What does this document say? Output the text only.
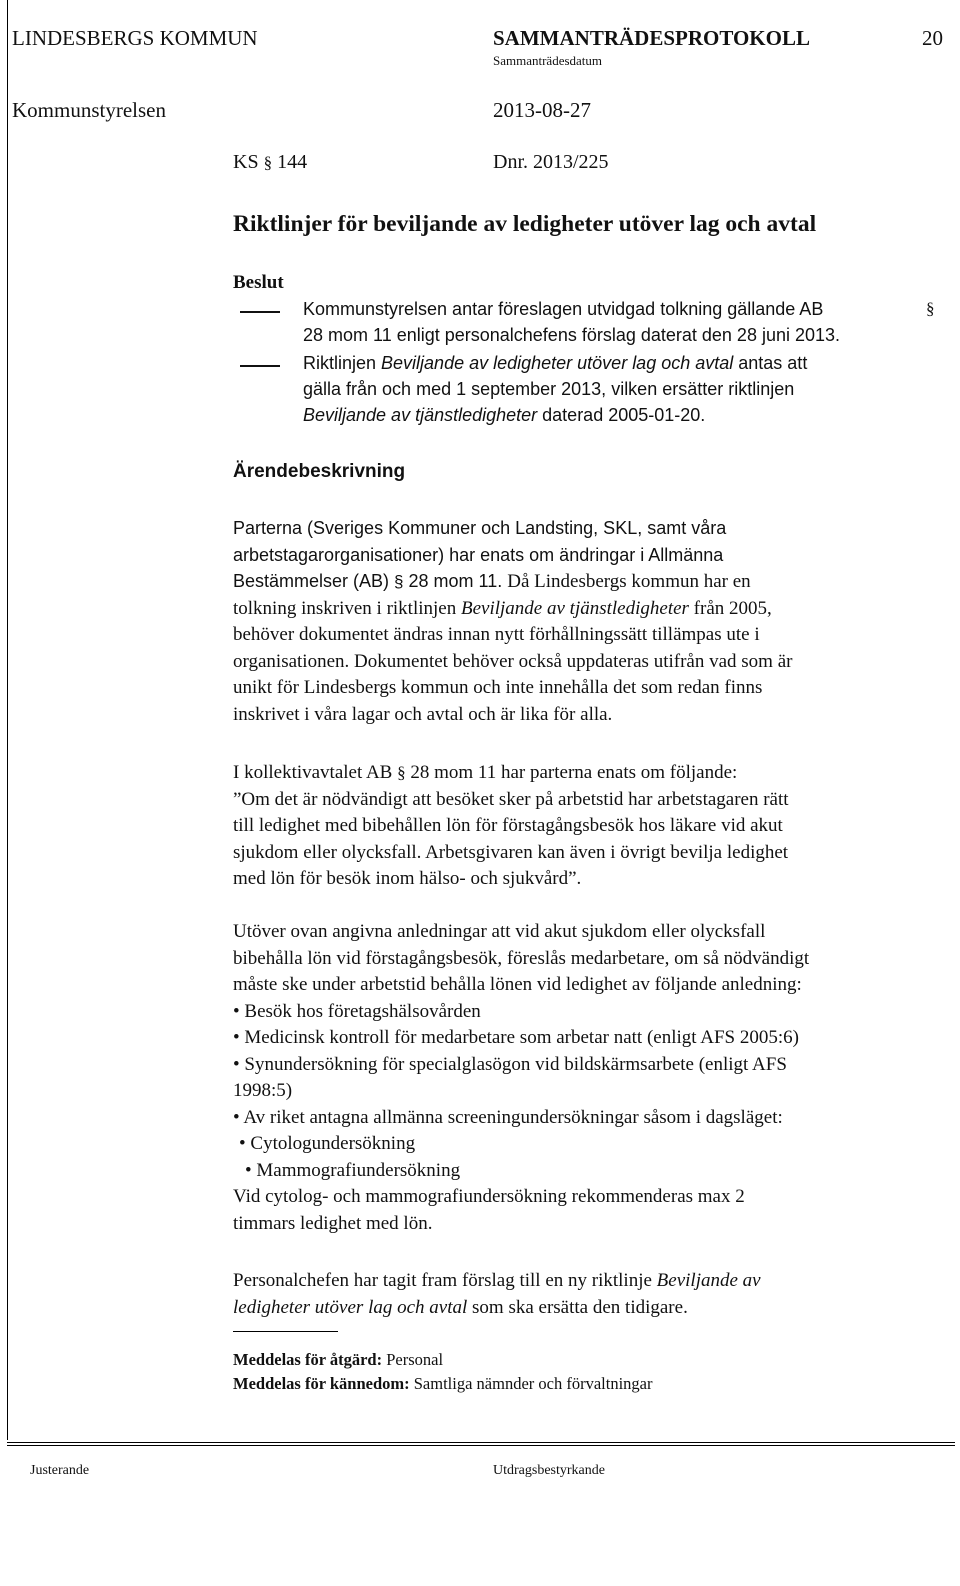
LINDESBERGS KOMMUN	SAMMANTRÄDESPROTOKOLL	20
Sammanträdesdatum
Kommunstyrelsen	2013-08-27
KS § 144	Dnr. 2013/225
Riktlinjer för beviljande av ledigheter utöver lag och avtal
Beslut
Kommunstyrelsen antar föreslagen utvidgad tolkning gällande AB
28 mom 11 enligt personalchefens förslag daterat den 28 juni 2013.
§
Riktlinjen Beviljande av ledigheter utöver lag och avtal antas att
gälla från och med 1 september 2013, vilken ersätter riktlinjen
Beviljande av tjänstledigheter daterad 2005-01-20.
Ärendebeskrivning
Parterna (Sveriges Kommuner och Landsting, SKL, samt våra
arbetstagarorganisationer) har enats om ändringar i Allmänna
Bestämmelser (AB) § 28 mom 11. Då Lindesbergs kommun har en
tolkning inskriven i riktlinjen Beviljande av tjänstledigheter från 2005,
behöver dokumentet ändras innan nytt förhållningssätt tillämpas ute i
organisationen. Dokumentet behöver också uppdateras utifrån vad som är
unikt för Lindesbergs kommun och inte innehålla det som redan finns
inskrivet i våra lagar och avtal och är lika för alla.
I kollektivavtalet AB § 28 mom 11 har parterna enats om följande:
”Om det är nödvändigt att besöket sker på arbetstid har arbetstagaren rätt
till ledighet med bibehållen lön för förstagångsbesök hos läkare vid akut
sjukdom eller olycksfall. Arbetsgivaren kan även i övrigt bevilja ledighet
med lön för besök inom hälso- och sjukvård”.
Utöver ovan angivna anledningar att vid akut sjukdom eller olycksfall
bibehålla lön vid förstagångsbesök, föreslås medarbetare, om så nödvändigt
måste ske under arbetstid behålla lönen vid ledighet av följande anledning:
• Besök hos företagshälsovården
• Medicinsk kontroll för medarbetare som arbetar natt (enligt AFS 2005:6)
• Synundersökning för specialglasögon vid bildskärmsarbete (enligt AFS
1998:5)
• Av riket antagna allmänna screeningundersökningar såsom i dagsläget:
• Cytologundersökning
• Mammografiundersökning
Vid cytolog- och mammografiundersökning rekommenderas max 2
timmars ledighet med lön.
Personalchefen har tagit fram förslag till en ny riktlinje Beviljande av
ledigheter utöver lag och avtal som ska ersätta den tidigare.
Meddelas för åtgärd: Personal
Meddelas för kännedom: Samtliga nämnder och förvaltningar
Justerande	Utdragsbestyrkande
